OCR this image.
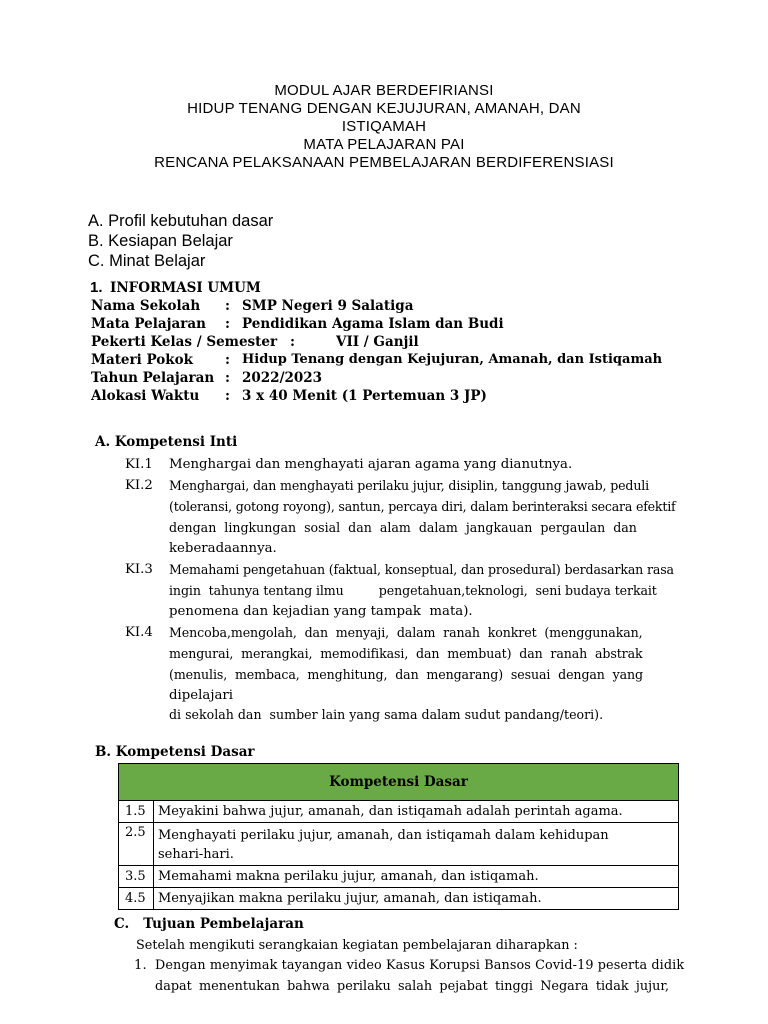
MODUL AJAR BERDEFIRIANSI
HIDUP TENANG DENGAN KEJUJURAN, AMANAH, DAN
ISTIQAMAH
MATA PELAJARAN PAI
RENCANA PELAKSANAAN PEMBELAJARAN BERDIFERENSIASI
A. Profil kebutuhan dasar
B. Kesiapan Belajar
C. Minat Belajar
1. INFORMASI UMUM
Nama Sekolah : SMP Negeri 9 Salatiga
Mata Pelajaran : Pendidikan Agama Islam dan Budi
Pekerti Kelas / Semester :	VII / Ganjil
Materi Pokok : Hidup Tenang dengan Kejujuran, Amanah, dan Istiqamah
Tahun Pelajaran : 2022/2023
Alokasi Waktu : 3 x 40 Menit (1 Pertemuan 3 JP)
A. Kompetensi Inti
KI.1 Menghargai dan menghayati ajaran agama yang dianutnya.
KI.2 Menghargai, dan menghayati perilaku jujur, disiplin, tanggung jawab, peduli
(toleransi, gotong royong), santun, percaya diri, dalam berinteraksi secara efektif
dengan lingkungan sosial dan alam dalam jangkauan pergaulan dan
keberadaannya.
KI.3 Memahami pengetahuan (faktual, konseptual, dan prosedural) berdasarkan rasa
ingin  tahunya tentang ilmu         pengetahuan,teknologi,  seni budaya terkait
penomena dan kejadian yang tampak  mata).
KI.4 Mencoba,mengolah,  dan  menyaji,  dalam  ranah  konkret  (menggunakan,
mengurai,  merangkai,  memodifikasi,  dan  membuat)  dan  ranah  abstrak
(menulis,  membaca,  menghitung,  dan  mengarang)  sesuai  dengan  yang
dipelajari
di sekolah dan  sumber lain yang sama dalam sudut pandang/teori).
B. Kompetensi Dasar
Kompetensi Dasar	
1.5	Meyakini bahwa jujur, amanah, dan istiqamah adalah perintah agama.
2.5	Menghayati perilaku jujur, amanah, dan istiqamah dalam kehidupan sehari-hari.
3.5	Memahami makna perilaku jujur, amanah, dan istiqamah.
4.5	Menyajikan makna perilaku jujur, amanah, dan istiqamah.
C.   Tujuan Pembelajaran
Setelah mengikuti serangkaian kegiatan pembelajaran diharapkan :
1. Dengan menyimak tayangan video Kasus Korupsi Bansos Covid-19 peserta didik
dapat menentukan bahwa perilaku salah pejabat tinggi Negara tidak jujur,
